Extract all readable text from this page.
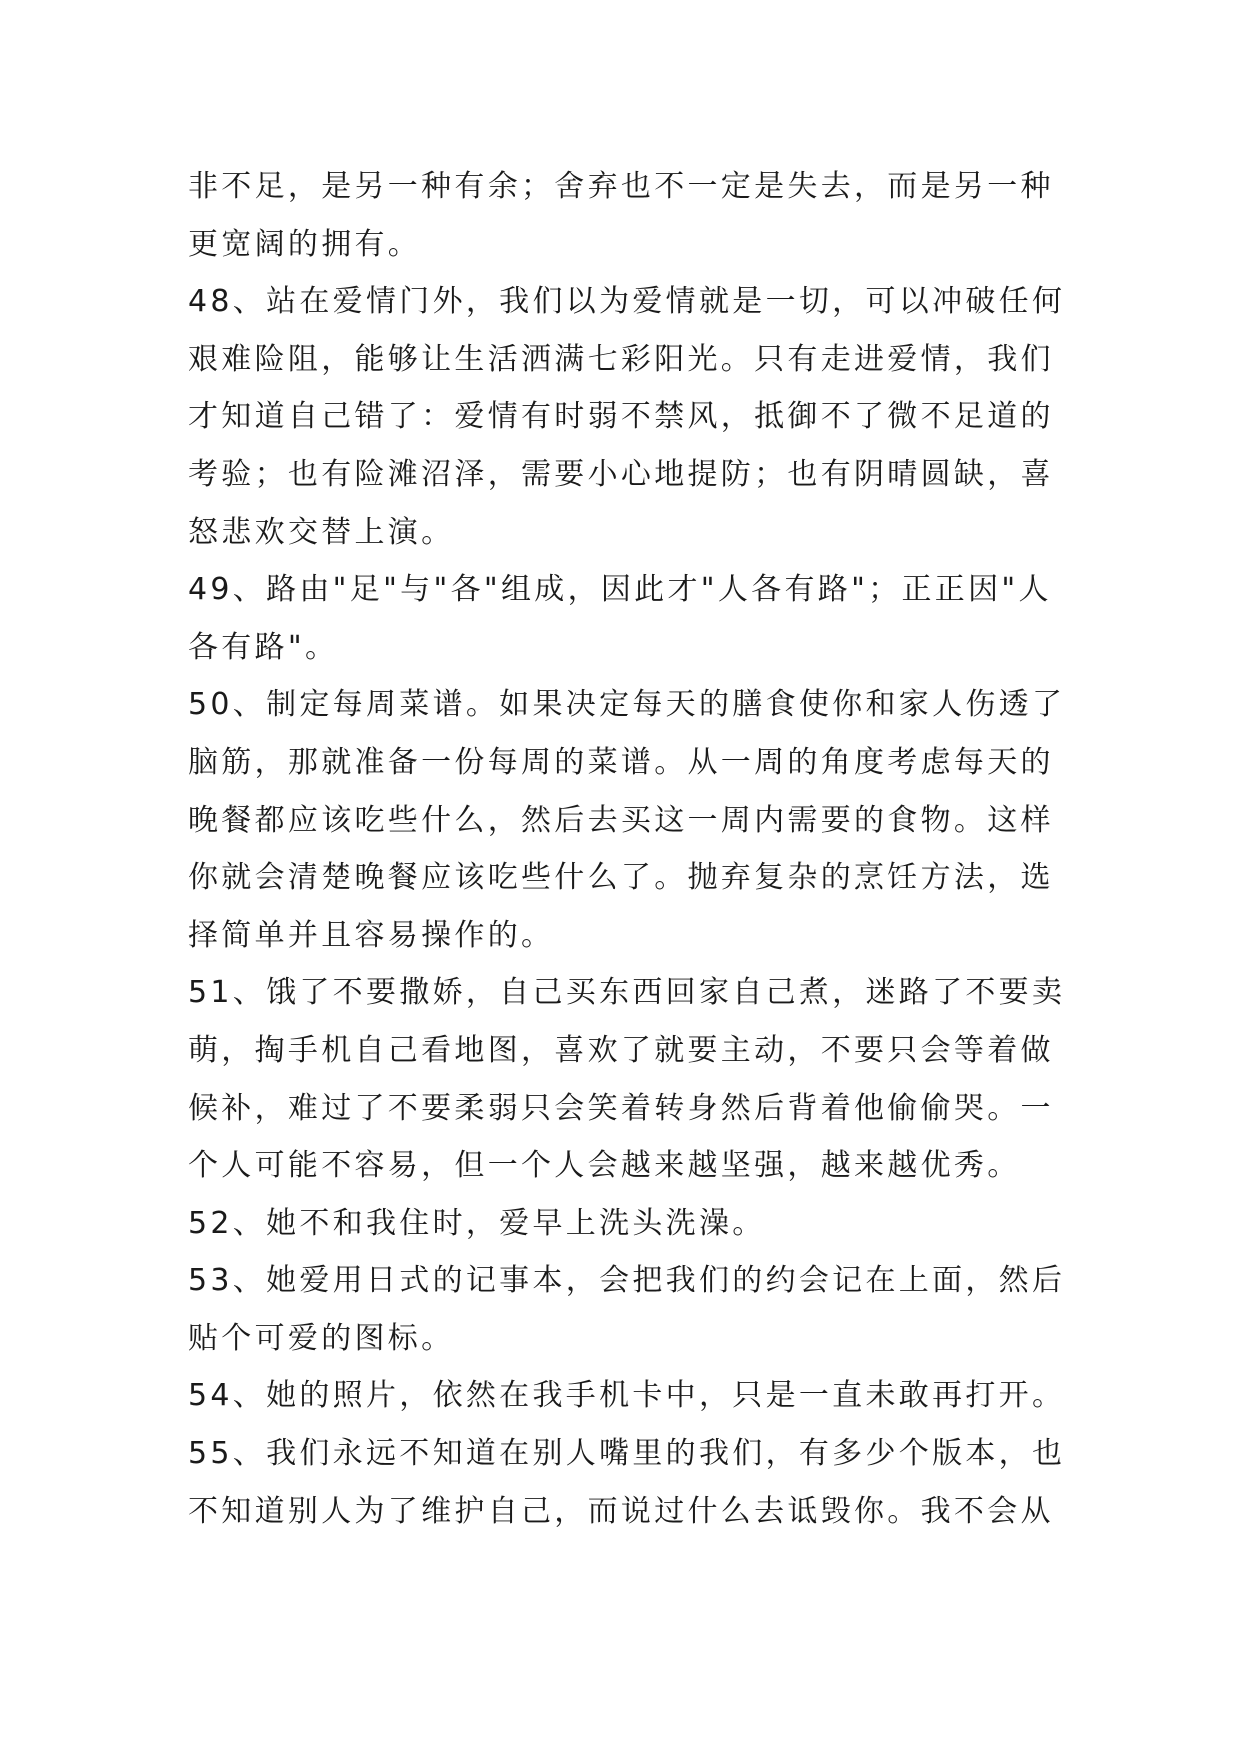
非不足，是另一种有余；舍弃也不一定是失去，而是另一种更宽阔的拥有。

48、站在爱情门外，我们以为爱情就是一切，可以冲破任何艰难险阻，能够让生活洒满七彩阳光。只有走进爱情，我们才知道自己错了：爱情有时弱不禁风，抵御不了微不足道的考验；也有险滩沼泽，需要小心地提防；也有阴晴圆缺，喜怒悲欢交替上演。

49、路由"足"与"各"组成，因此才"人各有路"；正正因"人各有路"。

50、制定每周菜谱。如果决定每天的膳食使你和家人伤透了脑筋，那就准备一份每周的菜谱。从一周的角度考虑每天的晚餐都应该吃些什么，然后去买这一周内需要的食物。这样你就会清楚晚餐应该吃些什么了。抛弃复杂的烹饪方法，选择简单并且容易操作的。

51、饿了不要撒娇，自己买东西回家自己煮，迷路了不要卖萌，掏手机自己看地图，喜欢了就要主动，不要只会等着做候补，难过了不要柔弱只会笑着转身然后背着他偷偷哭。一个人可能不容易，但一个人会越来越坚强，越来越优秀。

52、她不和我住时，爱早上洗头洗澡。

53、她爱用日式的记事本，会把我们的约会记在上面，然后贴个可爱的图标。

54、她的照片，依然在我手机卡中，只是一直未敢再打开。

55、我们永远不知道在别人嘴里的我们，有多少个版本，也不知道别人为了维护自己，而说过什么去诋毁你。我不会从
